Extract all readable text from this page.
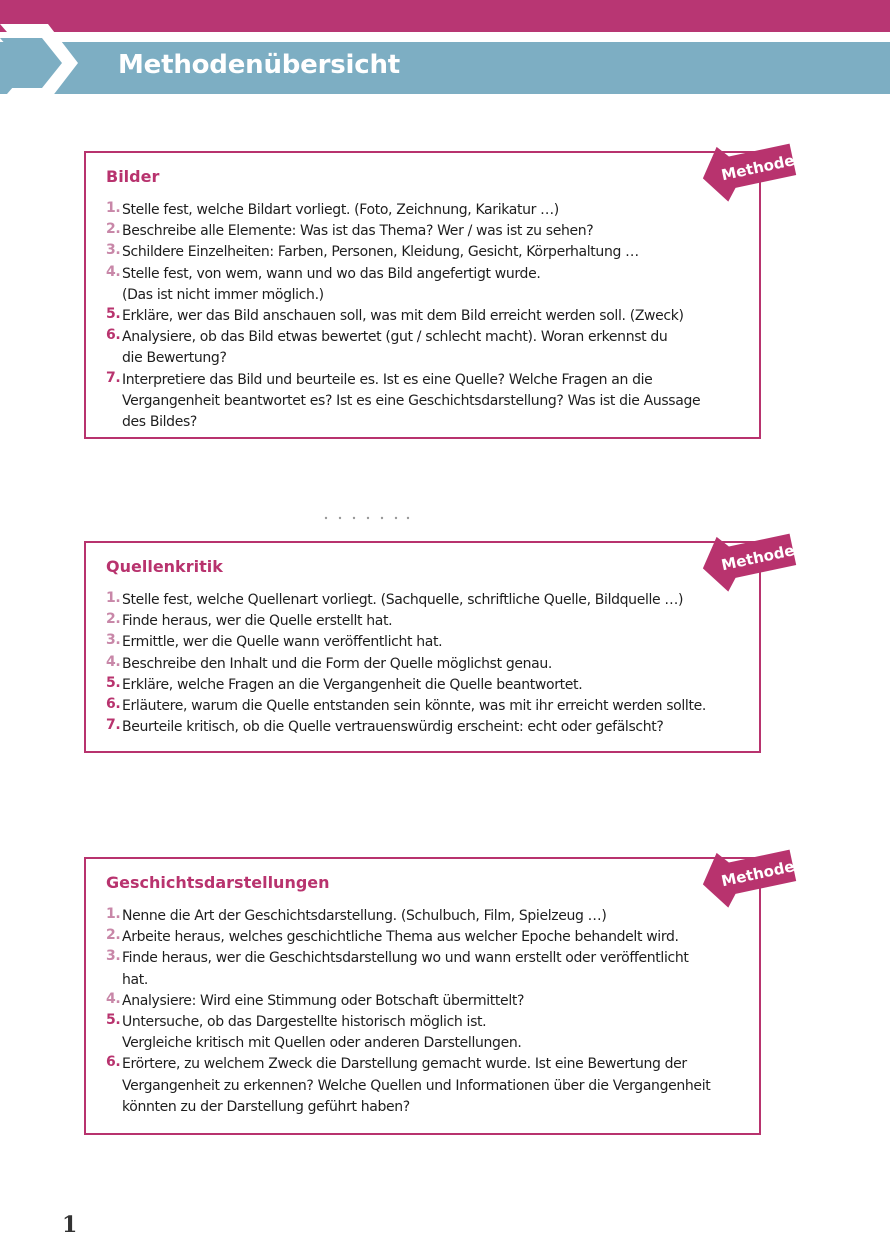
Methodenübersicht
Bilder
1. Stelle fest, welche Bildart vorliegt. (Foto, Zeichnung, Karikatur …)
2. Beschreibe alle Elemente: Was ist das Thema? Wer / was ist zu sehen?
3. Schildere Einzelheiten: Farben, Personen, Kleidung, Gesicht, Körperhaltung …
4. Stelle fest, von wem, wann und wo das Bild angefertigt wurde.
(Das ist nicht immer möglich.)
5. Erkläre, wer das Bild anschauen soll, was mit dem Bild erreicht werden soll. (Zweck)
6. Analysiere, ob das Bild etwas bewertet (gut / schlecht macht). Woran erkennst du
die Bewertung?
7. Interpretiere das Bild und beurteile es. Ist es eine Quelle? Welche Fragen an die
Vergangenheit beantwortet es? Ist es eine Geschichtsdarstellung? Was ist die Aussage
des Bildes?
Methode
Quellenkritik
1. Stelle fest, welche Quellenart vorliegt. (Sachquelle, schriftliche Quelle, Bildquelle …)
2. Finde heraus, wer die Quelle erstellt hat.
3. Ermittle, wer die Quelle wann veröffentlicht hat.
4. Beschreibe den Inhalt und die Form der Quelle möglichst genau.
5. Erkläre, welche Fragen an die Vergangenheit die Quelle beantwortet.
6. Erläutere, warum die Quelle entstanden sein könnte, was mit ihr erreicht werden sollte.
7. Beurteile kritisch, ob die Quelle vertrauenswürdig erscheint: echt oder gefälscht?
Methode
Geschichtsdarstellungen
1. Nenne die Art der Geschichtsdarstellung. (Schulbuch, Film, Spielzeug …)
2. Arbeite heraus, welches geschichtliche Thema aus welcher Epoche behandelt wird.
3. Finde heraus, wer die Geschichtsdarstellung wo und wann erstellt oder veröffentlicht
hat.
4. Analysiere: Wird eine Stimmung oder Botschaft übermittelt?
5. Untersuche, ob das Dargestellte historisch möglich ist.
Vergleiche kritisch mit Quellen oder anderen Darstellungen.
6. Erörtere, zu welchem Zweck die Darstellung gemacht wurde. Ist eine Bewertung der
Vergangenheit zu erkennen? Welche Quellen und Informationen über die Vergangenheit
könnten zu der Darstellung geführt haben?
Methode

1
